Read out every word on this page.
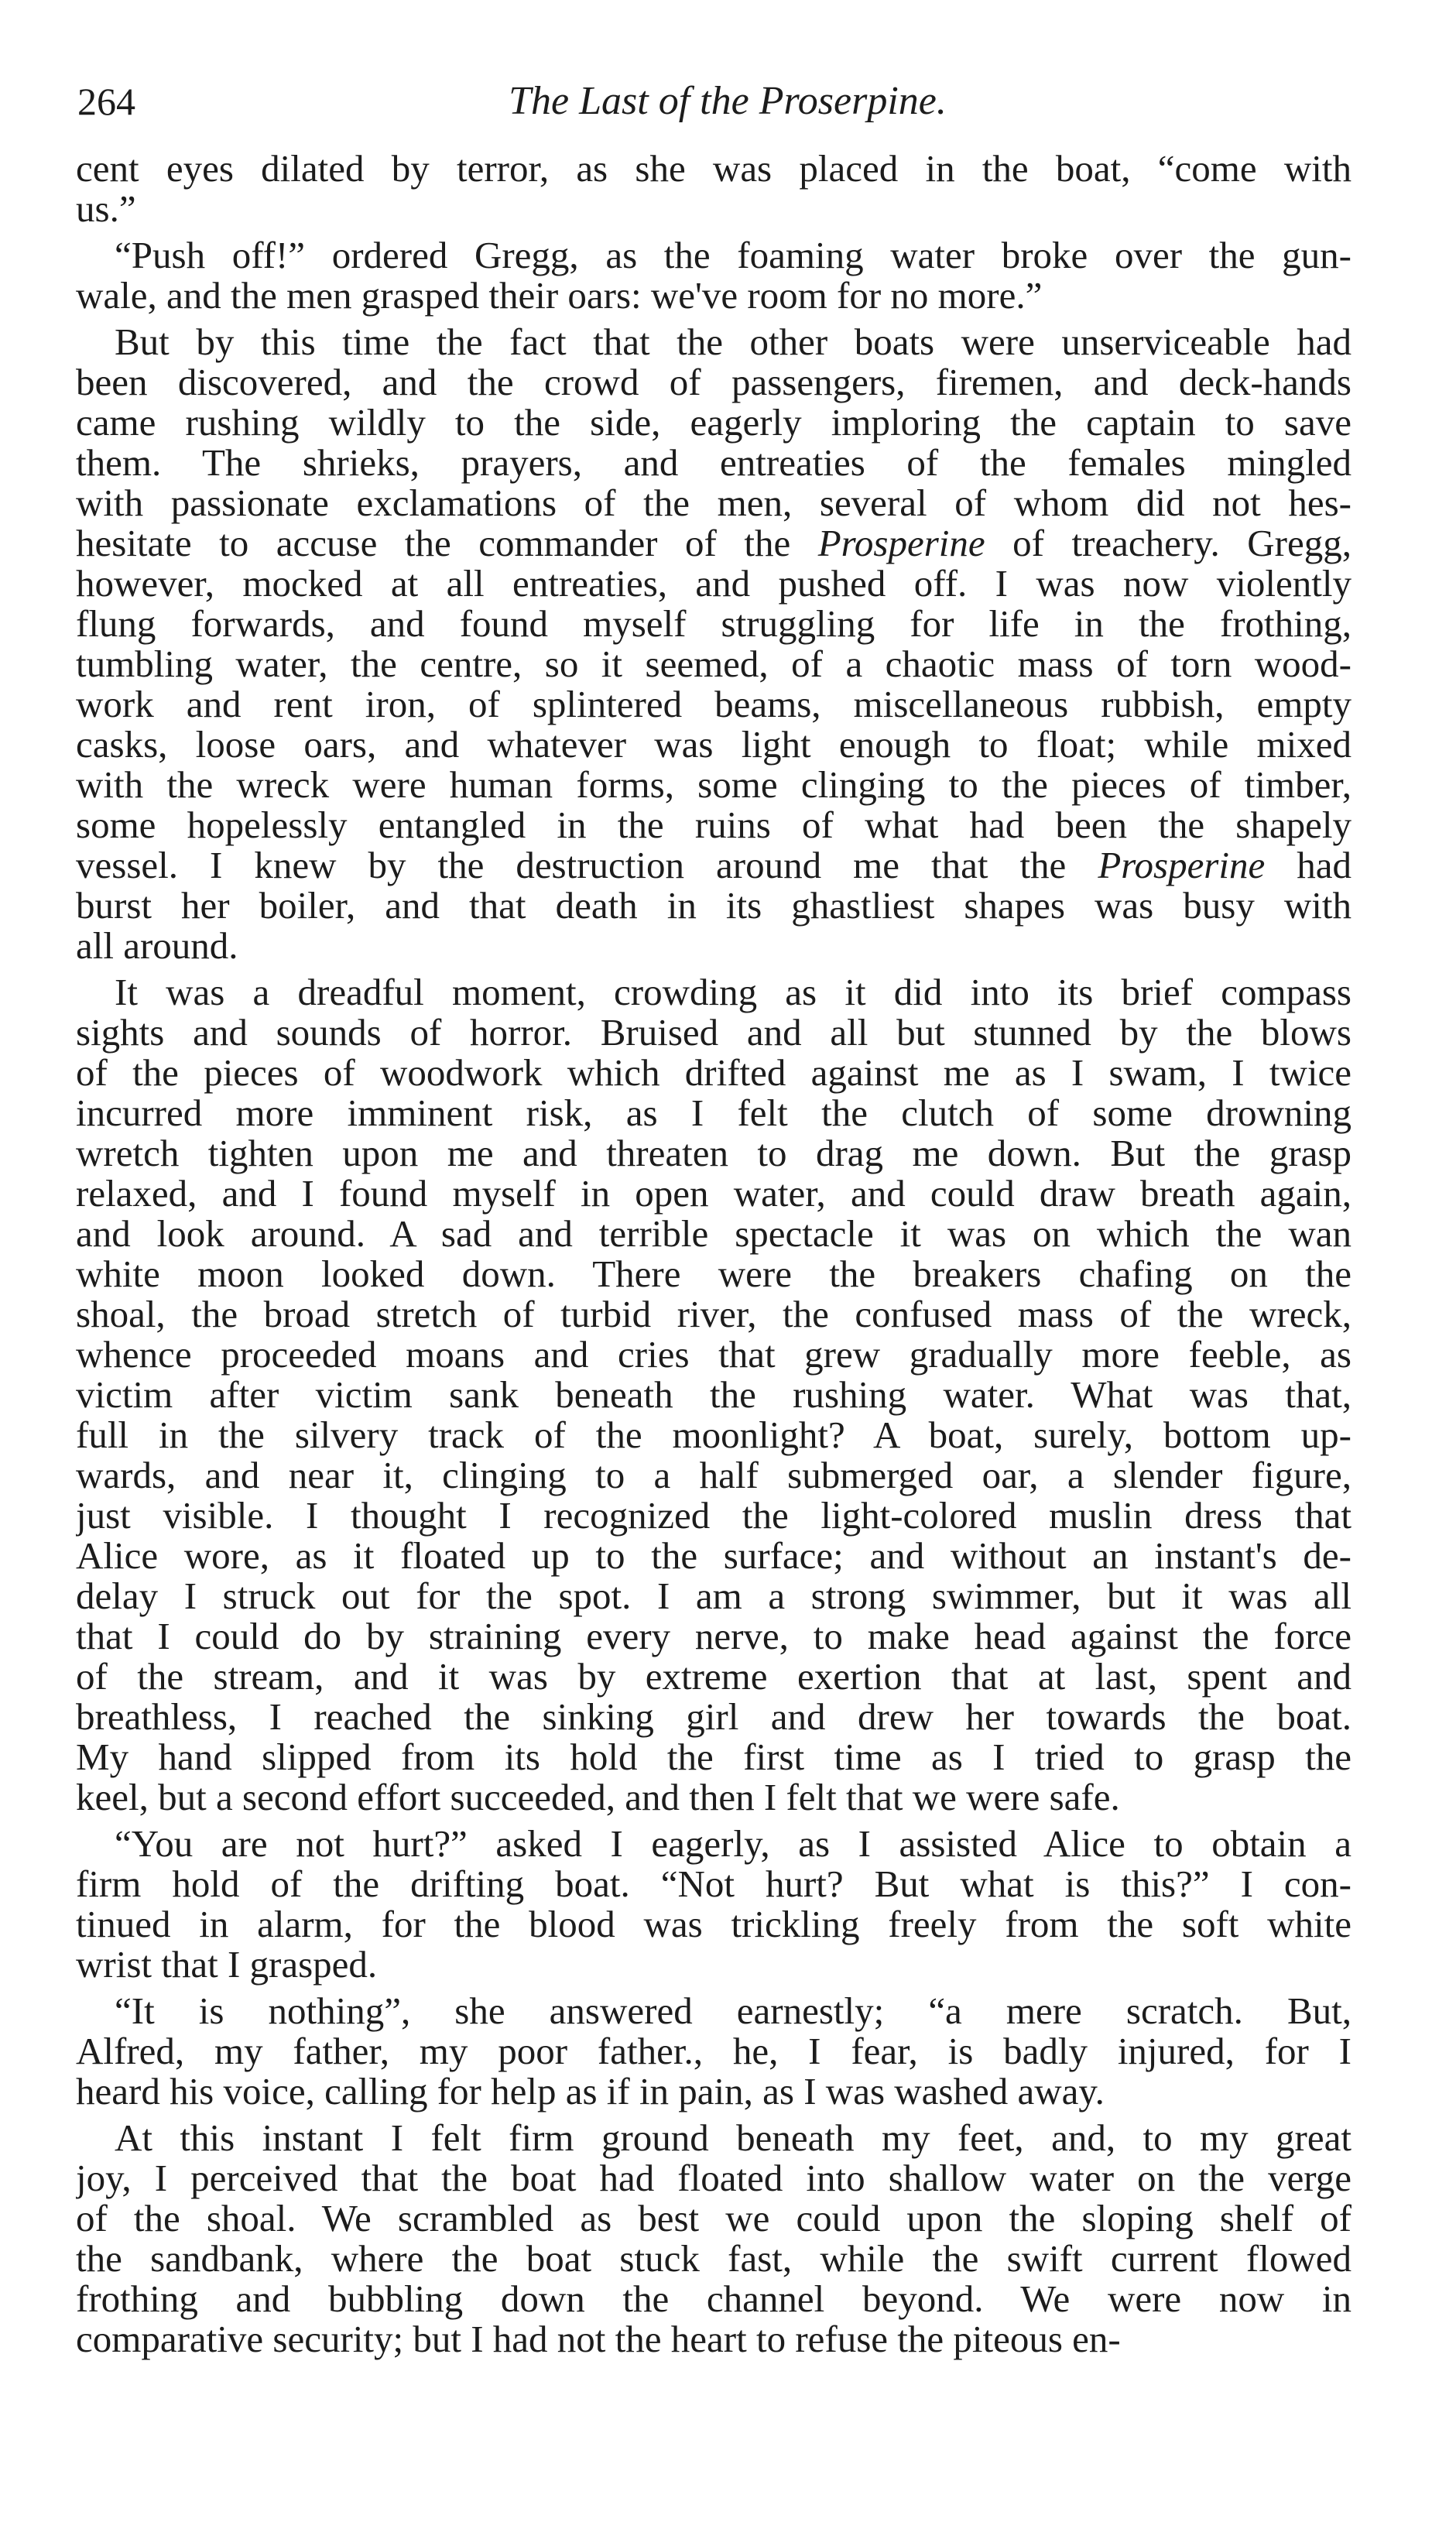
264	The Last of the Proserpine.
cent eyes dilated by terror, as she was placed in the boat, “come with
us.”
“Push off!” ordered Gregg, as the foaming water broke over the gun-
wale, and the men grasped their oars: we've room for no more.”
But by this time the fact that the other boats were unserviceable had
been discovered, and the crowd of passengers, firemen, and deck-hands
came rushing wildly to the side, eagerly imploring the captain to save
them. The shrieks, prayers, and entreaties of the females mingled
with passionate exclamations of the men, several of whom did not hes-
hesitate to accuse the commander of the Prosperine of treachery. Gregg,
however, mocked at all entreaties, and pushed off. I was now violently
flung forwards, and found myself struggling for life in the frothing,
tumbling water, the centre, so it seemed, of a chaotic mass of torn wood-
work and rent iron, of splintered beams, miscellaneous rubbish, empty
casks, loose oars, and whatever was light enough to float; while mixed
with the wreck were human forms, some clinging to the pieces of timber,
some hopelessly entangled in the ruins of what had been the shapely
vessel. I knew by the destruction around me that the Prosperine had
burst her boiler, and that death in its ghastliest shapes was busy with
all around.
It was a dreadful moment, crowding as it did into its brief compass
sights and sounds of horror. Bruised and all but stunned by the blows
of the pieces of woodwork which drifted against me as I swam, I twice
incurred more imminent risk, as I felt the clutch of some drowning
wretch tighten upon me and threaten to drag me down. But the grasp
relaxed, and I found myself in open water, and could draw breath again,
and look around. A sad and terrible spectacle it was on which the wan
white moon looked down. There were the breakers chafing on the
shoal, the broad stretch of turbid river, the confused mass of the wreck,
whence proceeded moans and cries that grew gradually more feeble, as
victim after victim sank beneath the rushing water. What was that,
full in the silvery track of the moonlight? A boat, surely, bottom up-
wards, and near it, clinging to a half submerged oar, a slender figure,
just visible. I thought I recognized the light-colored muslin dress that
Alice wore, as it floated up to the surface; and without an instant's de-
delay I struck out for the spot. I am a strong swimmer, but it was all
that I could do by straining every nerve, to make head against the force
of the stream, and it was by extreme exertion that at last, spent and
breathless, I reached the sinking girl and drew her towards the boat.
My hand slipped from its hold the first time as I tried to grasp the
keel, but a second effort succeeded, and then I felt that we were safe.
“You are not hurt?” asked I eagerly, as I assisted Alice to obtain a
firm hold of the drifting boat. “Not hurt? But what is this?” I con-
tinued in alarm, for the blood was trickling freely from the soft white
wrist that I grasped.
“It is nothing”, she answered earnestly; “a mere scratch. But,
Alfred, my father, my poor father., he, I fear, is badly injured, for I
heard his voice, calling for help as if in pain, as I was washed away.
At this instant I felt firm ground beneath my feet, and, to my great
joy, I perceived that the boat had floated into shallow water on the verge
of the shoal. We scrambled as best we could upon the sloping shelf of
the sandbank, where the boat stuck fast, while the swift current flowed
frothing and bubbling down the channel beyond. We were now in
comparative security; but I had not the heart to refuse the piteous en-
